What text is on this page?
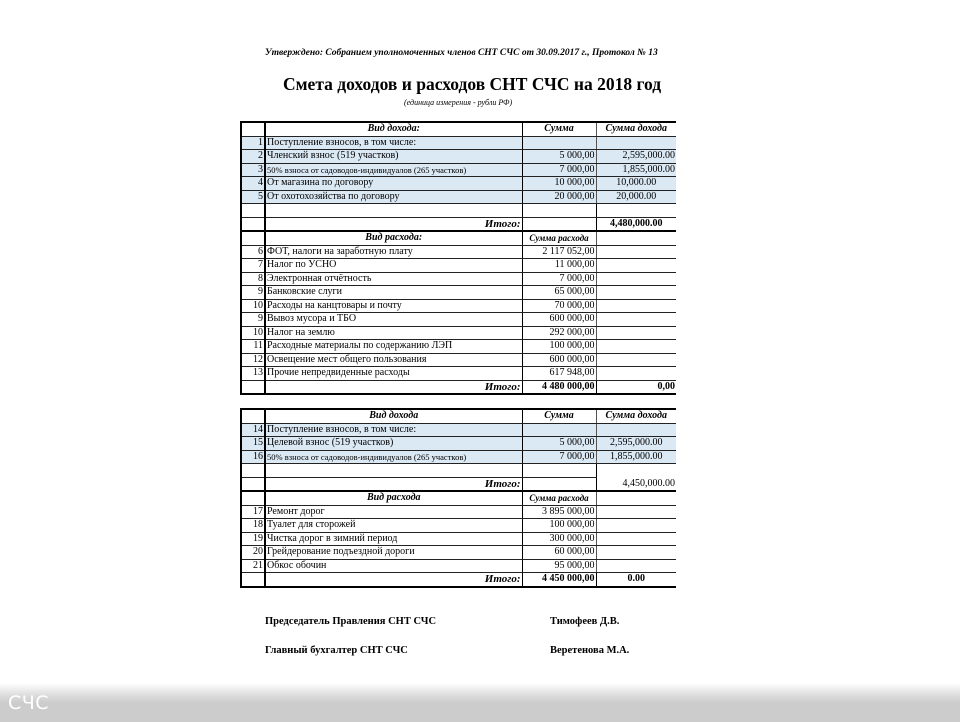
Утверждено: Собранием уполномоченных членов СНТ СЧС от 30.09.2017 г., Протокол № 13
Смета доходов и расходов СНТ СЧС на 2018 год
(единица измерения - рубли РФ)
	Вид дохода:	Сумма	Сумма дохода
1	Поступление взносов, в том числе:		
2	Членский взнос (519 участков)	5 000,00	2,595,000.00
3	50% взноса от садоводов-индивидуалов (265 участков)	7 000,00	1,855,000.00
4	От магазина по договору	10 000,00	10,000.00
5	От охотохозяйства по договору	20 000,00	20,000.00

	Итого:		4,480,000.00
	Вид расхода:	Сумма расхода	
6	ФОТ, налоги на заработную плату	2 117 052,00	
7	Налог по УСНО	11 000,00	
8	Электронная отчётность	7 000,00	
9	Банковские слуги	65 000,00	
10	Расходы на канцтовары и почту	70 000,00	
9	Вывоз мусора и ТБО	600 000,00	
10	Налог на землю	292 000,00	
11	Расходные материалы по содержанию ЛЭП	100 000,00	
12	Освещение мест общего пользования	600 000,00	
13	Прочие непредвиденные расходы	617 948,00	
	Итого:	4 480 000,00	0,00
	Вид дохода	Сумма	Сумма дохода
14	Поступление взносов, в том числе:		
15	Целевой взнос (519 участков)	5 000,00	2,595,000.00
16	50% взноса от садоводов-индивидуалов (265 участков)	7 000,00	1,855,000.00

	Итого:		4,450,000.00
	Вид расхода	Сумма расхода	
17	Ремонт дорог	3 895 000,00	
18	Туалет для сторожей	100 000,00	
19	Чистка дорог в зимний период	300 000,00	
20	Грейдерование подъездной дороги	60 000,00	
21	Обкос обочин	95 000,00	
	Итого:	4 450 000,00	0.00
Председатель Правления СНТ СЧС	Тимофеев Д.В.
Главный бухгалтер СНТ СЧС	Веретенова М.А.
СЧС
